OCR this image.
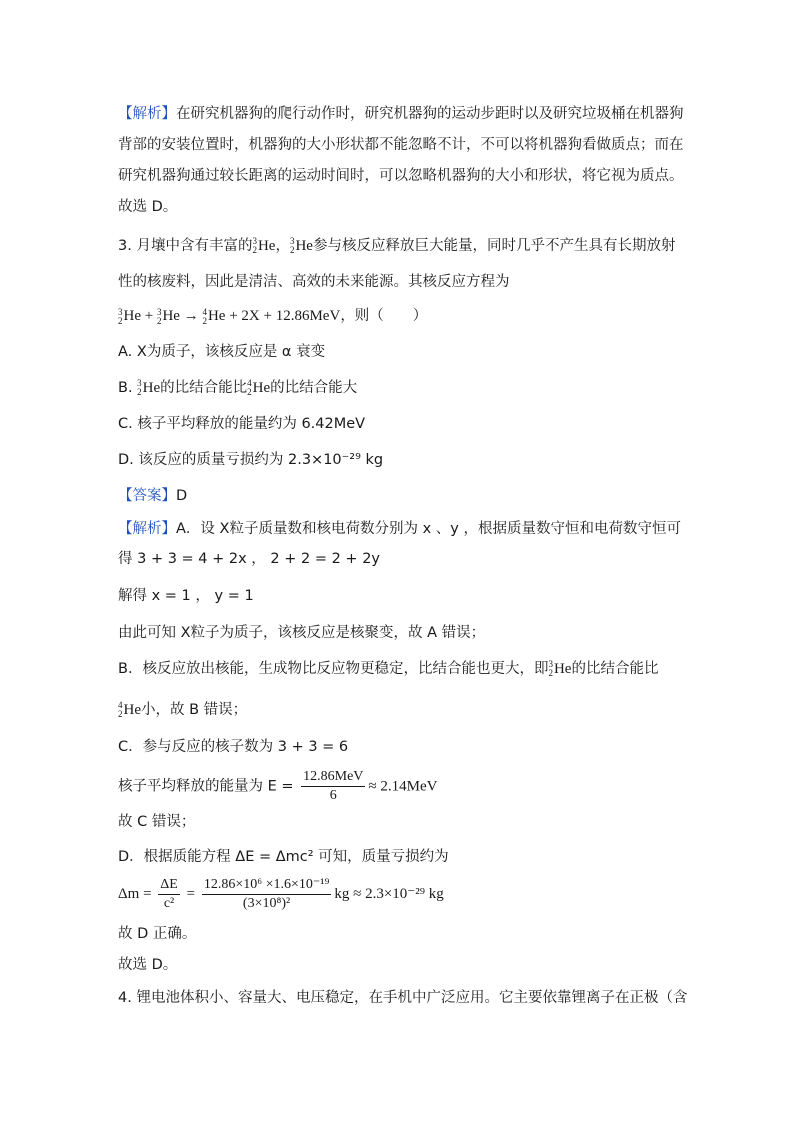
【解析】在研究机器狗的爬行动作时，研究机器狗的运动步距时以及研究垃圾桶在机器狗
背部的安装位置时，机器狗的大小形状都不能忽略不计，不可以将机器狗看做质点；而在
研究机器狗通过较长距离的运动时间时，可以忽略机器狗的大小和形状，将它视为质点。
故选 D。
3. 月壤中含有丰富的 3
2 He， 3
2 He参与核反应释放巨大能量，同时几乎不产生具有长期放射
性的核废料，因此是清洁、高效的未来能源。其核反应方程为
3
2 He + 3
2 He → 4
2 He + 2X + 12.86MeV，则（　　）
A. X为质子，该核反应是 α 衰变
B. 3
2 He的比结合能比 4
2 He的比结合能大
C. 核子平均释放的能量约为 6.42MeV
D. 该反应的质量亏损约为 2.3×10⁻²⁹ kg
【答案】D
【解析】A．设 X粒子质量数和核电荷数分别为 x 、y ，根据质量数守恒和电荷数守恒可
得 3 + 3 = 4 + 2x ， 2 + 2 = 2 + 2y
解得 x = 1 ， y = 1
由此可知 X粒子为质子，该核反应是核聚变，故 A 错误；
B．核反应放出核能，生成物比反应物更稳定，比结合能也更大，即 3
2 He的比结合能比
4
2 He小，故 B 错误；
C．参与反应的核子数为 3 + 3 = 6
核子平均释放的能量为 $E = \frac{\text{12.86MeV}}{6} \approx 2.14MeV$
故 C 错误；
D．根据质能方程 ΔE = Δmc² 可知，质量亏损约为
$\Delta m = \frac{\Delta E}{\text{c²}} = \frac{\text{12.86×10⁶ ×1.6×10⁻¹⁹}}{\text{(3×10⁸)²}}$ kg ≈ 2.3×10⁻²⁹ kg
故 D 正确。
故选 D。
4. 锂电池体积小、容量大、电压稳定，在手机中广泛应用。它主要依靠锂离子在正极（含
